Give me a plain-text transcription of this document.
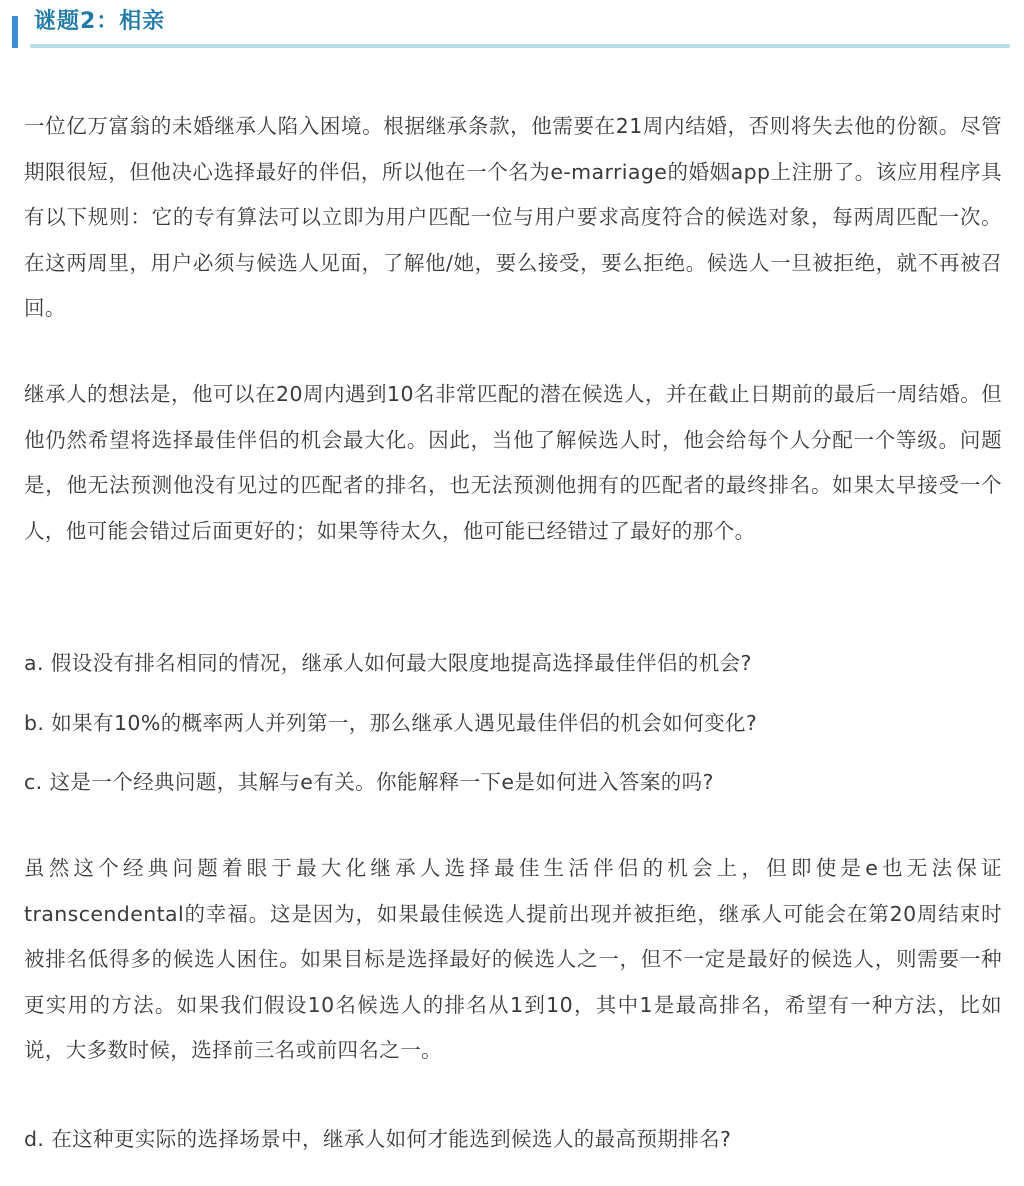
谜题2：相亲

一位亿万富翁的未婚继承人陷入困境。根据继承条款，他需要在21周内结婚，否则将失去他的份额。尽管期限很短，但他决心选择最好的伴侣，所以他在一个名为e-marriage的婚姻app上注册了。该应用程序具有以下规则：它的专有算法可以立即为用户匹配一位与用户要求高度符合的候选对象，每两周匹配一次。在这两周里，用户必须与候选人见面，了解他/她，要么接受，要么拒绝。候选人一旦被拒绝，就不再被召回。

继承人的想法是，他可以在20周内遇到10名非常匹配的潜在候选人，并在截止日期前的最后一周结婚。但他仍然希望将选择最佳伴侣的机会最大化。因此，当他了解候选人时，他会给每个人分配一个等级。问题是，他无法预测他没有见过的匹配者的排名，也无法预测他拥有的匹配者的最终排名。如果太早接受一个人，他可能会错过后面更好的；如果等待太久，他可能已经错过了最好的那个。

a. 假设没有排名相同的情况，继承人如何最大限度地提高选择最佳伴侣的机会?

b. 如果有10%的概率两人并列第一，那么继承人遇见最佳伴侣的机会如何变化?

c. 这是一个经典问题，其解与e有关。你能解释一下e是如何进入答案的吗?

虽然这个经典问题着眼于最大化继承人选择最佳生活伴侣的机会上，但即使是e也无法保证transcendental的幸福。这是因为，如果最佳候选人提前出现并被拒绝，继承人可能会在第20周结束时被排名低得多的候选人困住。如果目标是选择最好的候选人之一，但不一定是最好的候选人，则需要一种更实用的方法。如果我们假设10名候选人的排名从1到10，其中1是最高排名，希望有一种方法，比如说，大多数时候，选择前三名或前四名之一。

d. 在这种更实际的选择场景中，继承人如何才能选到候选人的最高预期排名?
